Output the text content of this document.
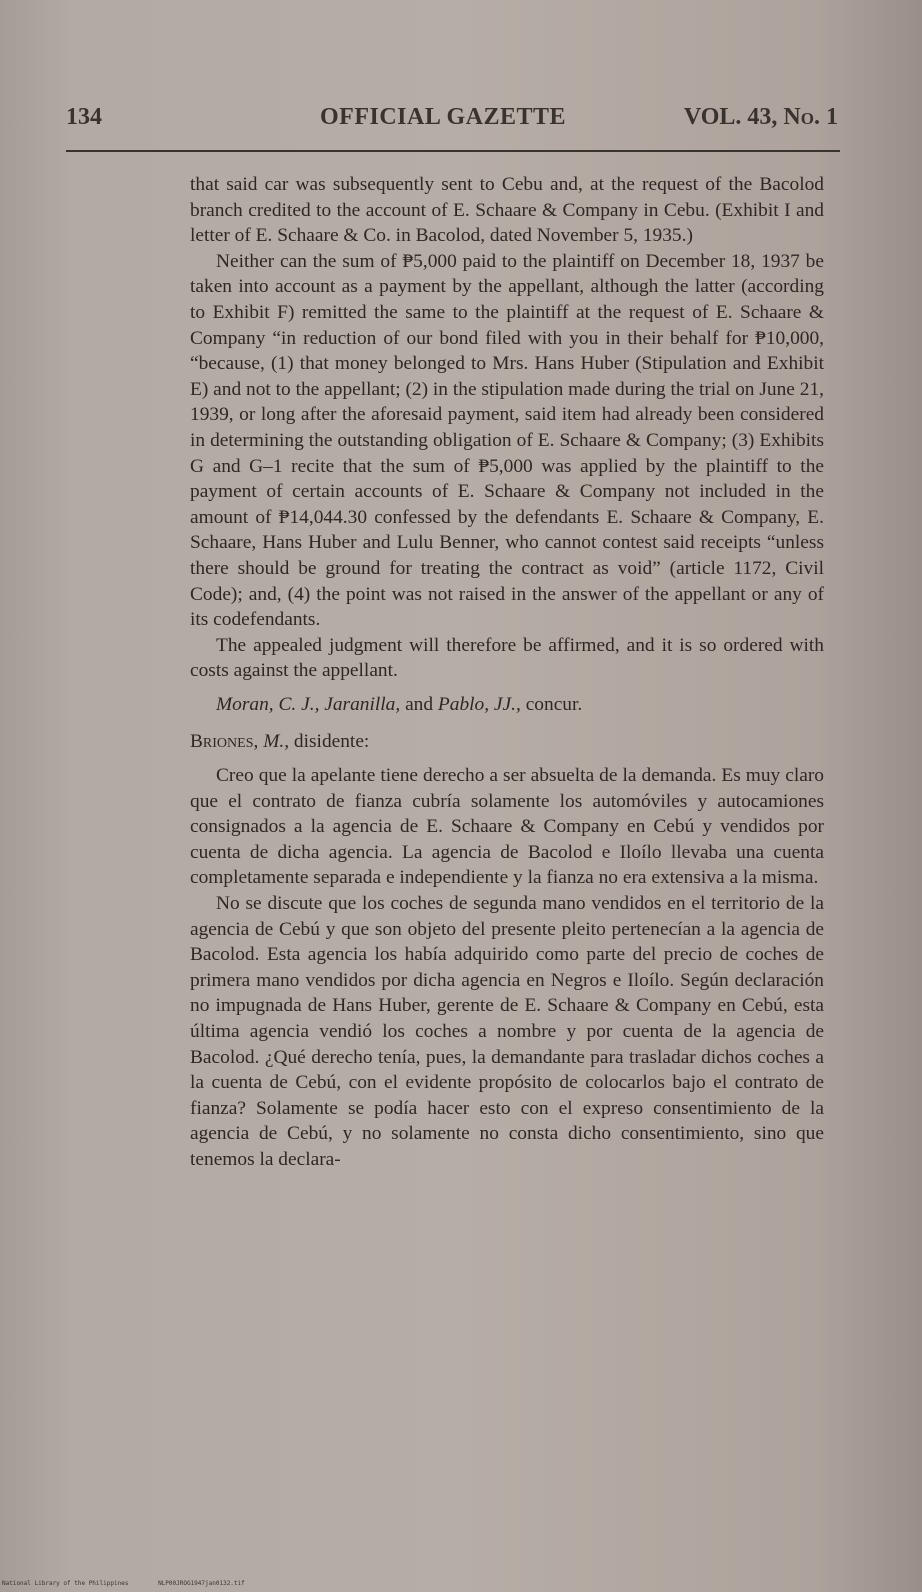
134	OFFICIAL GAZETTE	VOL. 43, No. 1

that said car was subsequently sent to Cebu and, at the request of the Bacolod branch credited to the account of E. Schaare & Company in Cebu. (Exhibit I and letter of E. Schaare & Co. in Bacolod, dated November 5, 1935.)

Neither can the sum of ₱5,000 paid to the plaintiff on December 18, 1937 be taken into account as a payment by the appellant, although the latter (according to Exhibit F) remitted the same to the plaintiff at the request of E. Schaare & Company “in reduction of our bond filed with you in their behalf for ₱10,000, “because, (1) that money belonged to Mrs. Hans Huber (Stipulation and Exhibit E) and not to the appellant; (2) in the stipulation made during the trial on June 21, 1939, or long after the aforesaid payment, said item had already been considered in determining the outstanding obligation of E. Schaare & Company; (3) Exhibits G and G–1 recite that the sum of ₱5,000 was applied by the plaintiff to the payment of certain accounts of E. Schaare & Company not included in the amount of ₱14,044.30 confessed by the defendants E. Schaare & Company, E. Schaare, Hans Huber and Lulu Benner, who cannot contest said receipts “unless there should be ground for treating the contract as void” (article 1172, Civil Code); and, (4) the point was not raised in the answer of the appellant or any of its codefendants.

The appealed judgment will therefore be affirmed, and it is so ordered with costs against the appellant.

Moran, C. J., Jaranilla, and Pablo, JJ., concur.

Briones, M., disidente:

Creo que la apelante tiene derecho a ser absuelta de la demanda. Es muy claro que el contrato de fianza cubría solamente los automóviles y autocamiones consignados a la agencia de E. Schaare & Company en Cebú y vendidos por cuenta de dicha agencia. La agencia de Bacolod e Iloílo llevaba una cuenta completamente separada e independiente y la fianza no era extensiva a la misma.

No se discute que los coches de segunda mano vendidos en el territorio de la agencia de Cebú y que son objeto del presente pleito pertenecían a la agencia de Bacolod. Esta agencia los había adquirido como parte del precio de coches de primera mano vendidos por dicha agencia en Negros e Iloílo. Según declaración no impugnada de Hans Huber, gerente de E. Schaare & Company en Cebú, esta última agencia vendió los coches a nombre y por cuenta de la agencia de Bacolod. ¿Qué derecho tenía, pues, la demandante para trasladar dichos coches a la cuenta de Cebú, con el evidente propósito de colocarlos bajo el contrato de fianza? Solamente se podía hacer esto con el expreso consentimiento de la agencia de Cebú, y no solamente no consta dicho consentimiento, sino que tenemos la declara-

National Library of the Philippines	NLP00JROG1947jan0132.tif
